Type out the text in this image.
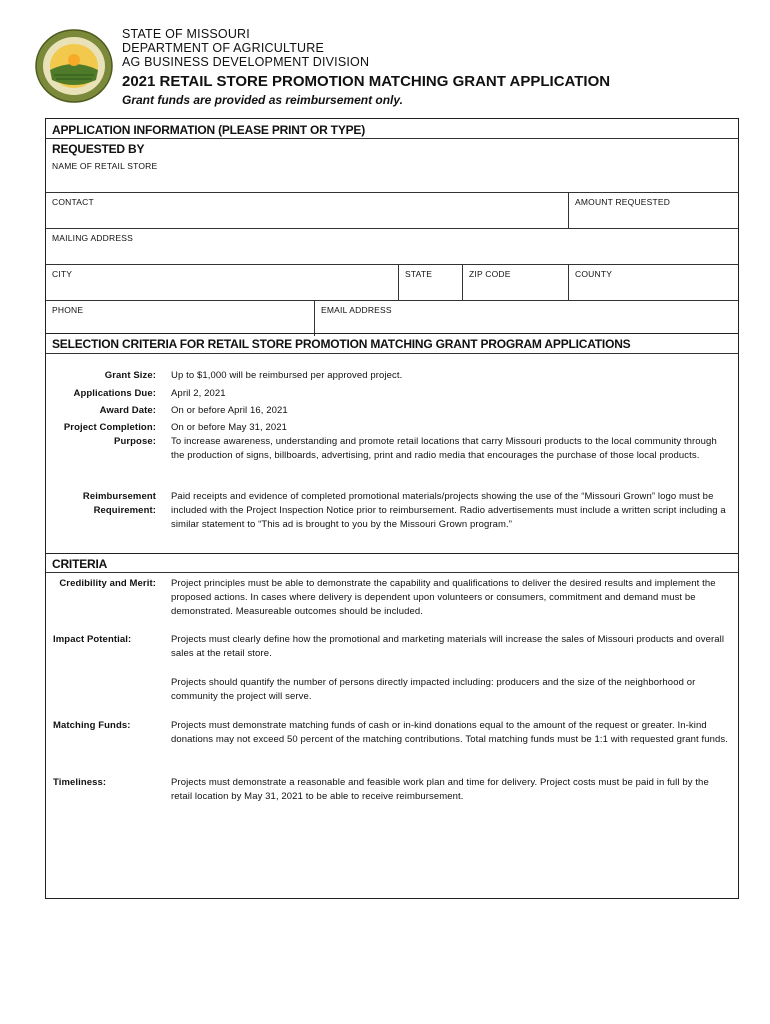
STATE OF MISSOURI
DEPARTMENT OF AGRICULTURE
AG BUSINESS DEVELOPMENT DIVISION
2021 RETAIL STORE PROMOTION MATCHING GRANT APPLICATION
Grant funds are provided as reimbursement only.
APPLICATION INFORMATION (PLEASE PRINT OR TYPE)
REQUESTED BY
NAME OF RETAIL STORE
CONTACT	AMOUNT REQUESTED
MAILING ADDRESS
CITY	STATE	ZIP CODE	COUNTY
PHONE	EMAIL ADDRESS
SELECTION CRITERIA FOR RETAIL STORE PROMOTION MATCHING GRANT PROGRAM APPLICATIONS
Grant Size: Up to $1,000 will be reimbursed per approved project.
Applications Due: April 2, 2021
Award Date: On or before April 16, 2021
Project Completion: On or before May 31, 2021
Purpose: To increase awareness, understanding and promote retail locations that carry Missouri products to the local community through the production of signs, billboards, advertising, print and radio media that encourages the purchase of those local products.
Reimbursement Requirement:
Paid receipts and evidence of completed promotional materials/projects showing the use of the “Missouri Grown” logo must be included with the Project Inspection Notice prior to reimbursement. Radio advertisements must include a written script including a similar statement to “This ad is brought to you by the Missouri Grown program.”
CRITERIA
Credibility and Merit: Project principles must be able to demonstrate the capability and qualifications to deliver the desired results and implement the proposed actions. In cases where delivery is dependent upon volunteers or consumers, commitment and demand must be demonstrated. Measureable outcomes should be included.
Impact Potential:	Projects must clearly define how the promotional and marketing materials will increase the sales of Missouri products and overall sales at the retail store.
Projects should quantify the number of persons directly impacted including: producers and the size of the neighborhood or community the project will serve.
Matching Funds:	Projects must demonstrate matching funds of cash or in-kind donations equal to the amount of the request or greater. In-kind donations may not exceed 50 percent of the matching contributions. Total matching funds must be 1:1 with requested grant funds.
Timeliness:	Projects must demonstrate a reasonable and feasible work plan and time for delivery. Project costs must be paid in full by the retail location by May 31, 2021 to be able to receive reimbursement.
